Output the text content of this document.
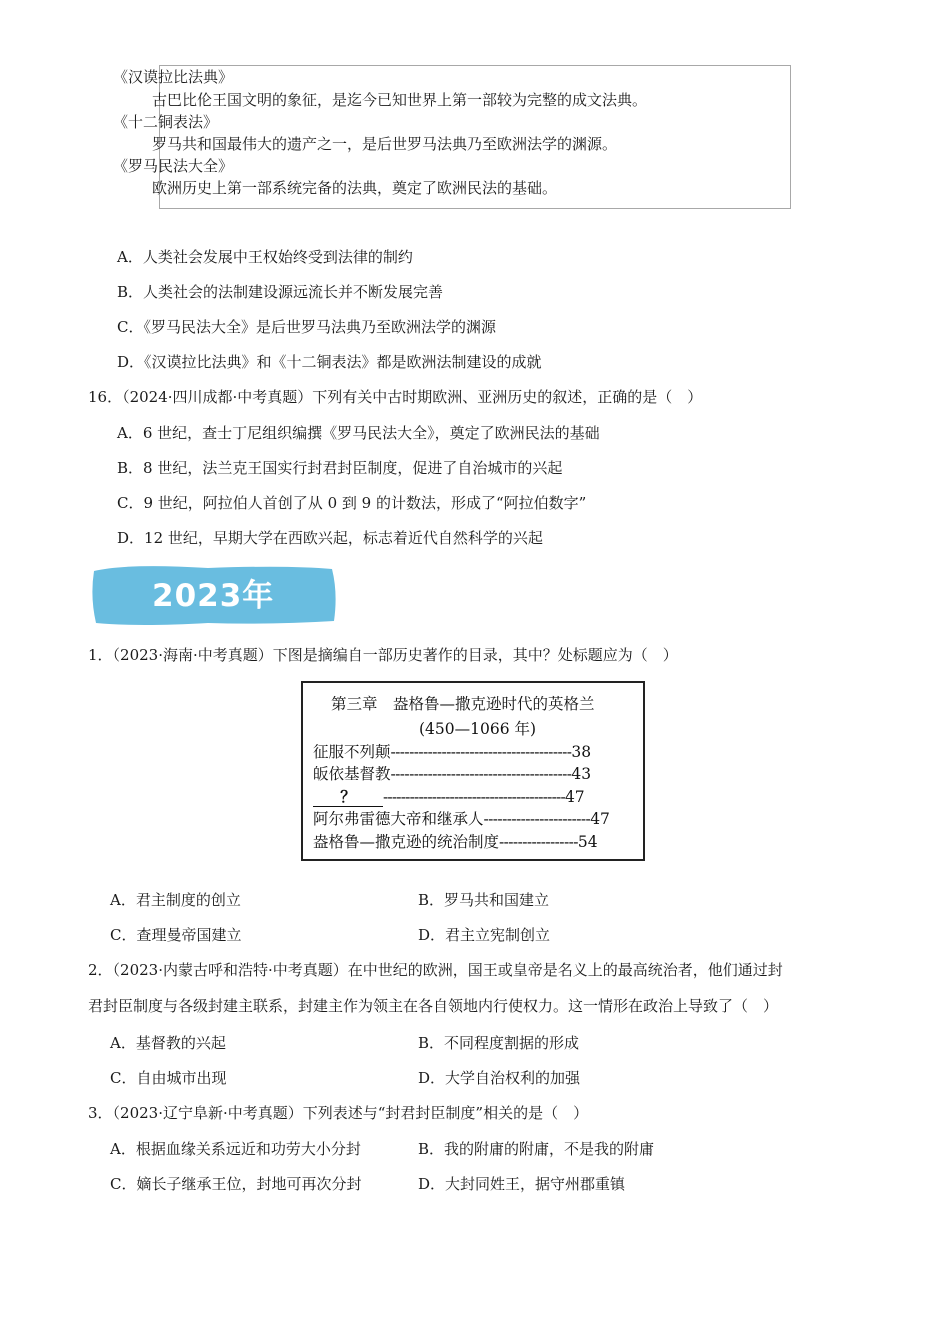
《汉谟拉比法典》
古巴比伦王国文明的象征，是迄今已知世界上第一部较为完整的成文法典。
《十二铜表法》
罗马共和国最伟大的遗产之一，是后世罗马法典乃至欧洲法学的渊源。
《罗马民法大全》
欧洲历史上第一部系统完备的法典，奠定了欧洲民法的基础。
A．人类社会发展中王权始终受到法律的制约
B．人类社会的法制建设源远流长并不断发展完善
C．《罗马民法大全》是后世罗马法典乃至欧洲法学的渊源
D．《汉谟拉比法典》和《十二铜表法》都是欧洲法制建设的成就
16．（2024·四川成都·中考真题）下列有关中古时期欧洲、亚洲历史的叙述，正确的是（　）
A．6 世纪，查士丁尼组织编撰《罗马民法大全》，奠定了欧洲民法的基础
B．8 世纪，法兰克王国实行封君封臣制度，促进了自治城市的兴起
C．9 世纪，阿拉伯人首创了从 0 到 9 的计数法，形成了“阿拉伯数字”
D．12 世纪，早期大学在西欧兴起，标志着近代自然科学的兴起
2023年
1．（2023·海南·中考真题）下图是摘编自一部历史著作的目录，其中？处标题应为（　）
第三章　盎格鲁—撒克逊时代的英格兰
(450—1066 年)
征服不列颠---------------------------------------38
皈依基督教---------------------------------------43
？ -----------------------------------------47
阿尔弗雷德大帝和继承人-----------------------47
盎格鲁—撒克逊的统治制度-----------------54
A．君主制度的创立	B．罗马共和国建立
C．查理曼帝国建立	D．君主立宪制创立
2．（2023·内蒙古呼和浩特·中考真题）在中世纪的欧洲，国王或皇帝是名义上的最高统治者，他们通过封
君封臣制度与各级封建主联系，封建主作为领主在各自领地内行使权力。这一情形在政治上导致了（　）
A．基督教的兴起	B．不同程度割据的形成
C．自由城市出现	D．大学自治权利的加强
3．（2023·辽宁阜新·中考真题）下列表述与“封君封臣制度”相关的是（　）
A．根据血缘关系远近和功劳大小分封	B．我的附庸的附庸，不是我的附庸
C．嫡长子继承王位，封地可再次分封	D．大封同姓王，据守州郡重镇
